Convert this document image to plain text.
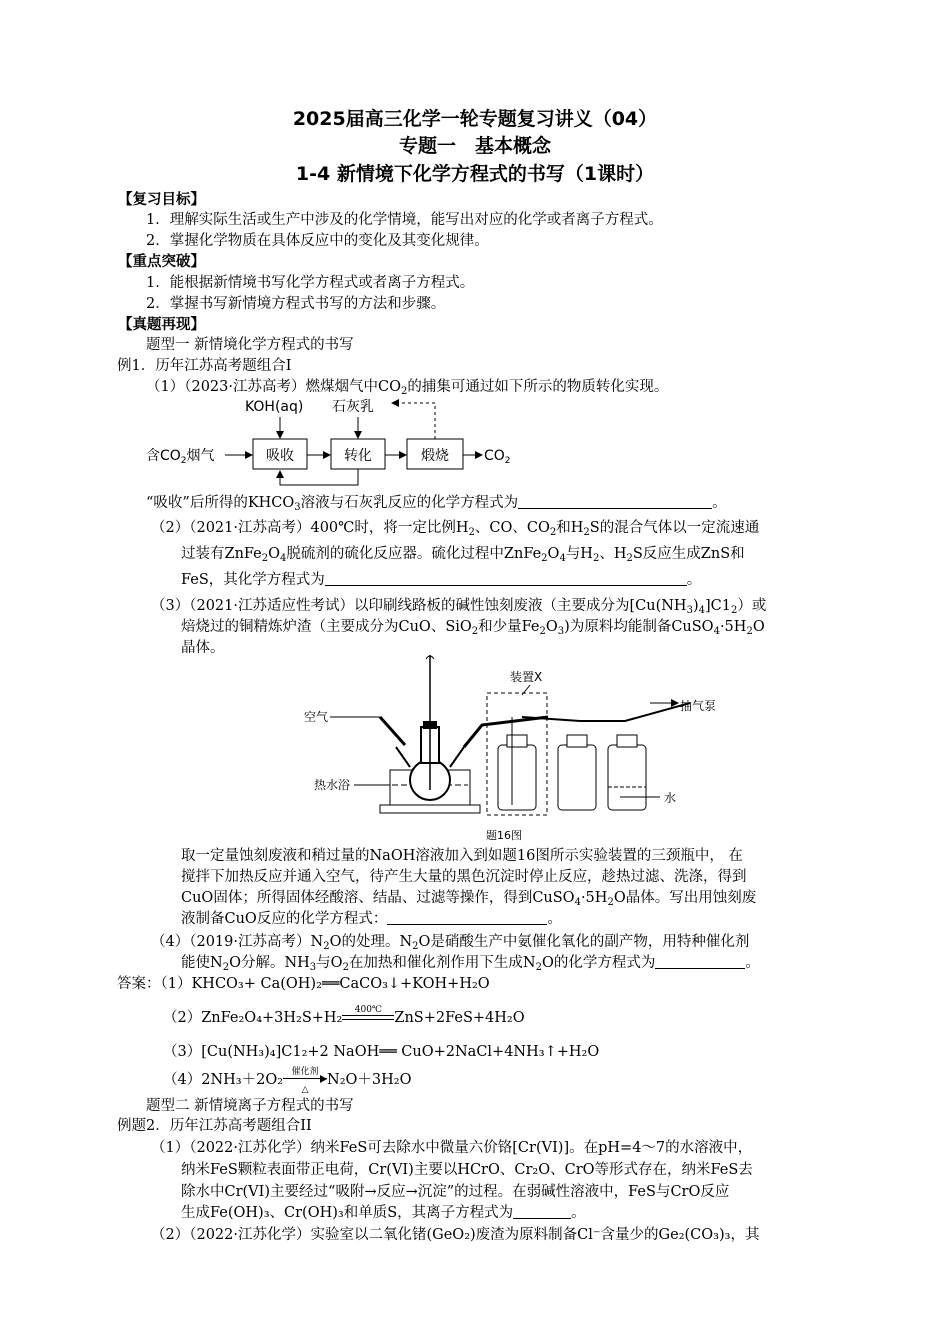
2025届高三化学一轮专题复习讲义（04）
专题一　基本概念
1-4 新情境下化学方程式的书写（1课时）
【复习目标】
1．理解实际生活或生产中涉及的化学情境，能写出对应的化学或者离子方程式。
2．掌握化学物质在具体反应中的变化及其变化规律。
【重点突破】
1．能根据新情境书写化学方程式或者离子方程式。
2．掌握书写新情境方程式书写的方法和步骤。
【真题再现】
题型一 新情境化学方程式的书写
例1．历年江苏高考题组合I
（1）（2023·江苏高考）燃煤烟气中$CO_2$的捕集可通过如下所示的物质转化实现。
含$CO_2$烟气	吸收	转化	煅烧	$CO_2$
KOH(aq) 石灰乳
“吸收”后所得的$KHCO_3$溶液与石灰乳反应的化学方程式为	。
（2）（2021·江苏高考）400℃时，将一定比例$H_2$、CO、$CO_2$和$H_2S$的混合气体以一定流速通
过装有$ZnFe_2O_4$脱硫剂的硫化反应器。硫化过程中$ZnFe_2O_4$与$H_2$、$H_2S$反应生成ZnS和
FeS，其化学方程式为	。
（3）（2021·江苏适应性考试）以印刷线路板的碱性蚀刻废液（主要成分为$[Cu(NH_3)_4]C1_2$）或
焙烧过的铜精炼炉渣（主要成分为CuO、SiO$_2$和少量$Fe_2O_3$)为原料均能制备$CuSO_4\cdot 5H_2O$
晶体。
空气
热水浴
装置X
抽气泵
水
题16图
取一定量蚀刻废液和稍过量的NaOH溶液加入到如题16图所示实验装置的三颈瓶中， 在
搅拌下加热反应并通入空气，待产生大量的黑色沉淀时停止反应，趁热过滤、洗涤，得到
CuO固体；所得固体经酸溶、结晶、过滤等操作，得到$CuSO_4\cdot 5H_2O$晶体。写出用蚀刻废
液制备CuO反应的化学方程式：	。
（4）（2019·江苏高考）$N_2O$的处理。$N_2O$是硝酸生产中氨催化氧化的副产物，用特种催化剂
能使$N_2O$分解。$NH_3$与$O_2$在加热和催化剂作用下生成$N_2O$的化学方程式为	。
答案：（1）KHCO₃+ Ca(OH)₂══CaCO₃↓+KOH+H₂O
（2）ZnFe₂O₄+3H₂S+H₂	400℃ ZnS+2FeS+4H₂O
（3）[Cu(NH₃)₄]C1₂+2 NaOH══ CuO+2NaCl+4NH₃↑+H₂O
（4）2NH₃＋2O₂ 催化剂
△
N₂O＋3H₂O
题型二 新情境离子方程式的书写
例题2．历年江苏高考题组合II
（1）（2022·江苏化学）纳米FeS可去除水中微量六价铬[Cr(VI)]。在pH=4～7的水溶液中，
纳米FeS颗粒表面带正电荷，Cr(VI)主要以HCrO、Cr₂O、CrO等形式存在，纳米FeS去
除水中Cr(VI)主要经过“吸附→反应→沉淀”的过程。在弱碱性溶液中，FeS与CrO反应
生成Fe(OH)₃、Cr(OH)₃和单质S，其离子方程式为	。
（2）（2022·江苏化学）实验室以二氧化锗(GeO₂)废渣为原料制备Cl⁻含量少的Ge₂(CO₃)₃，其
